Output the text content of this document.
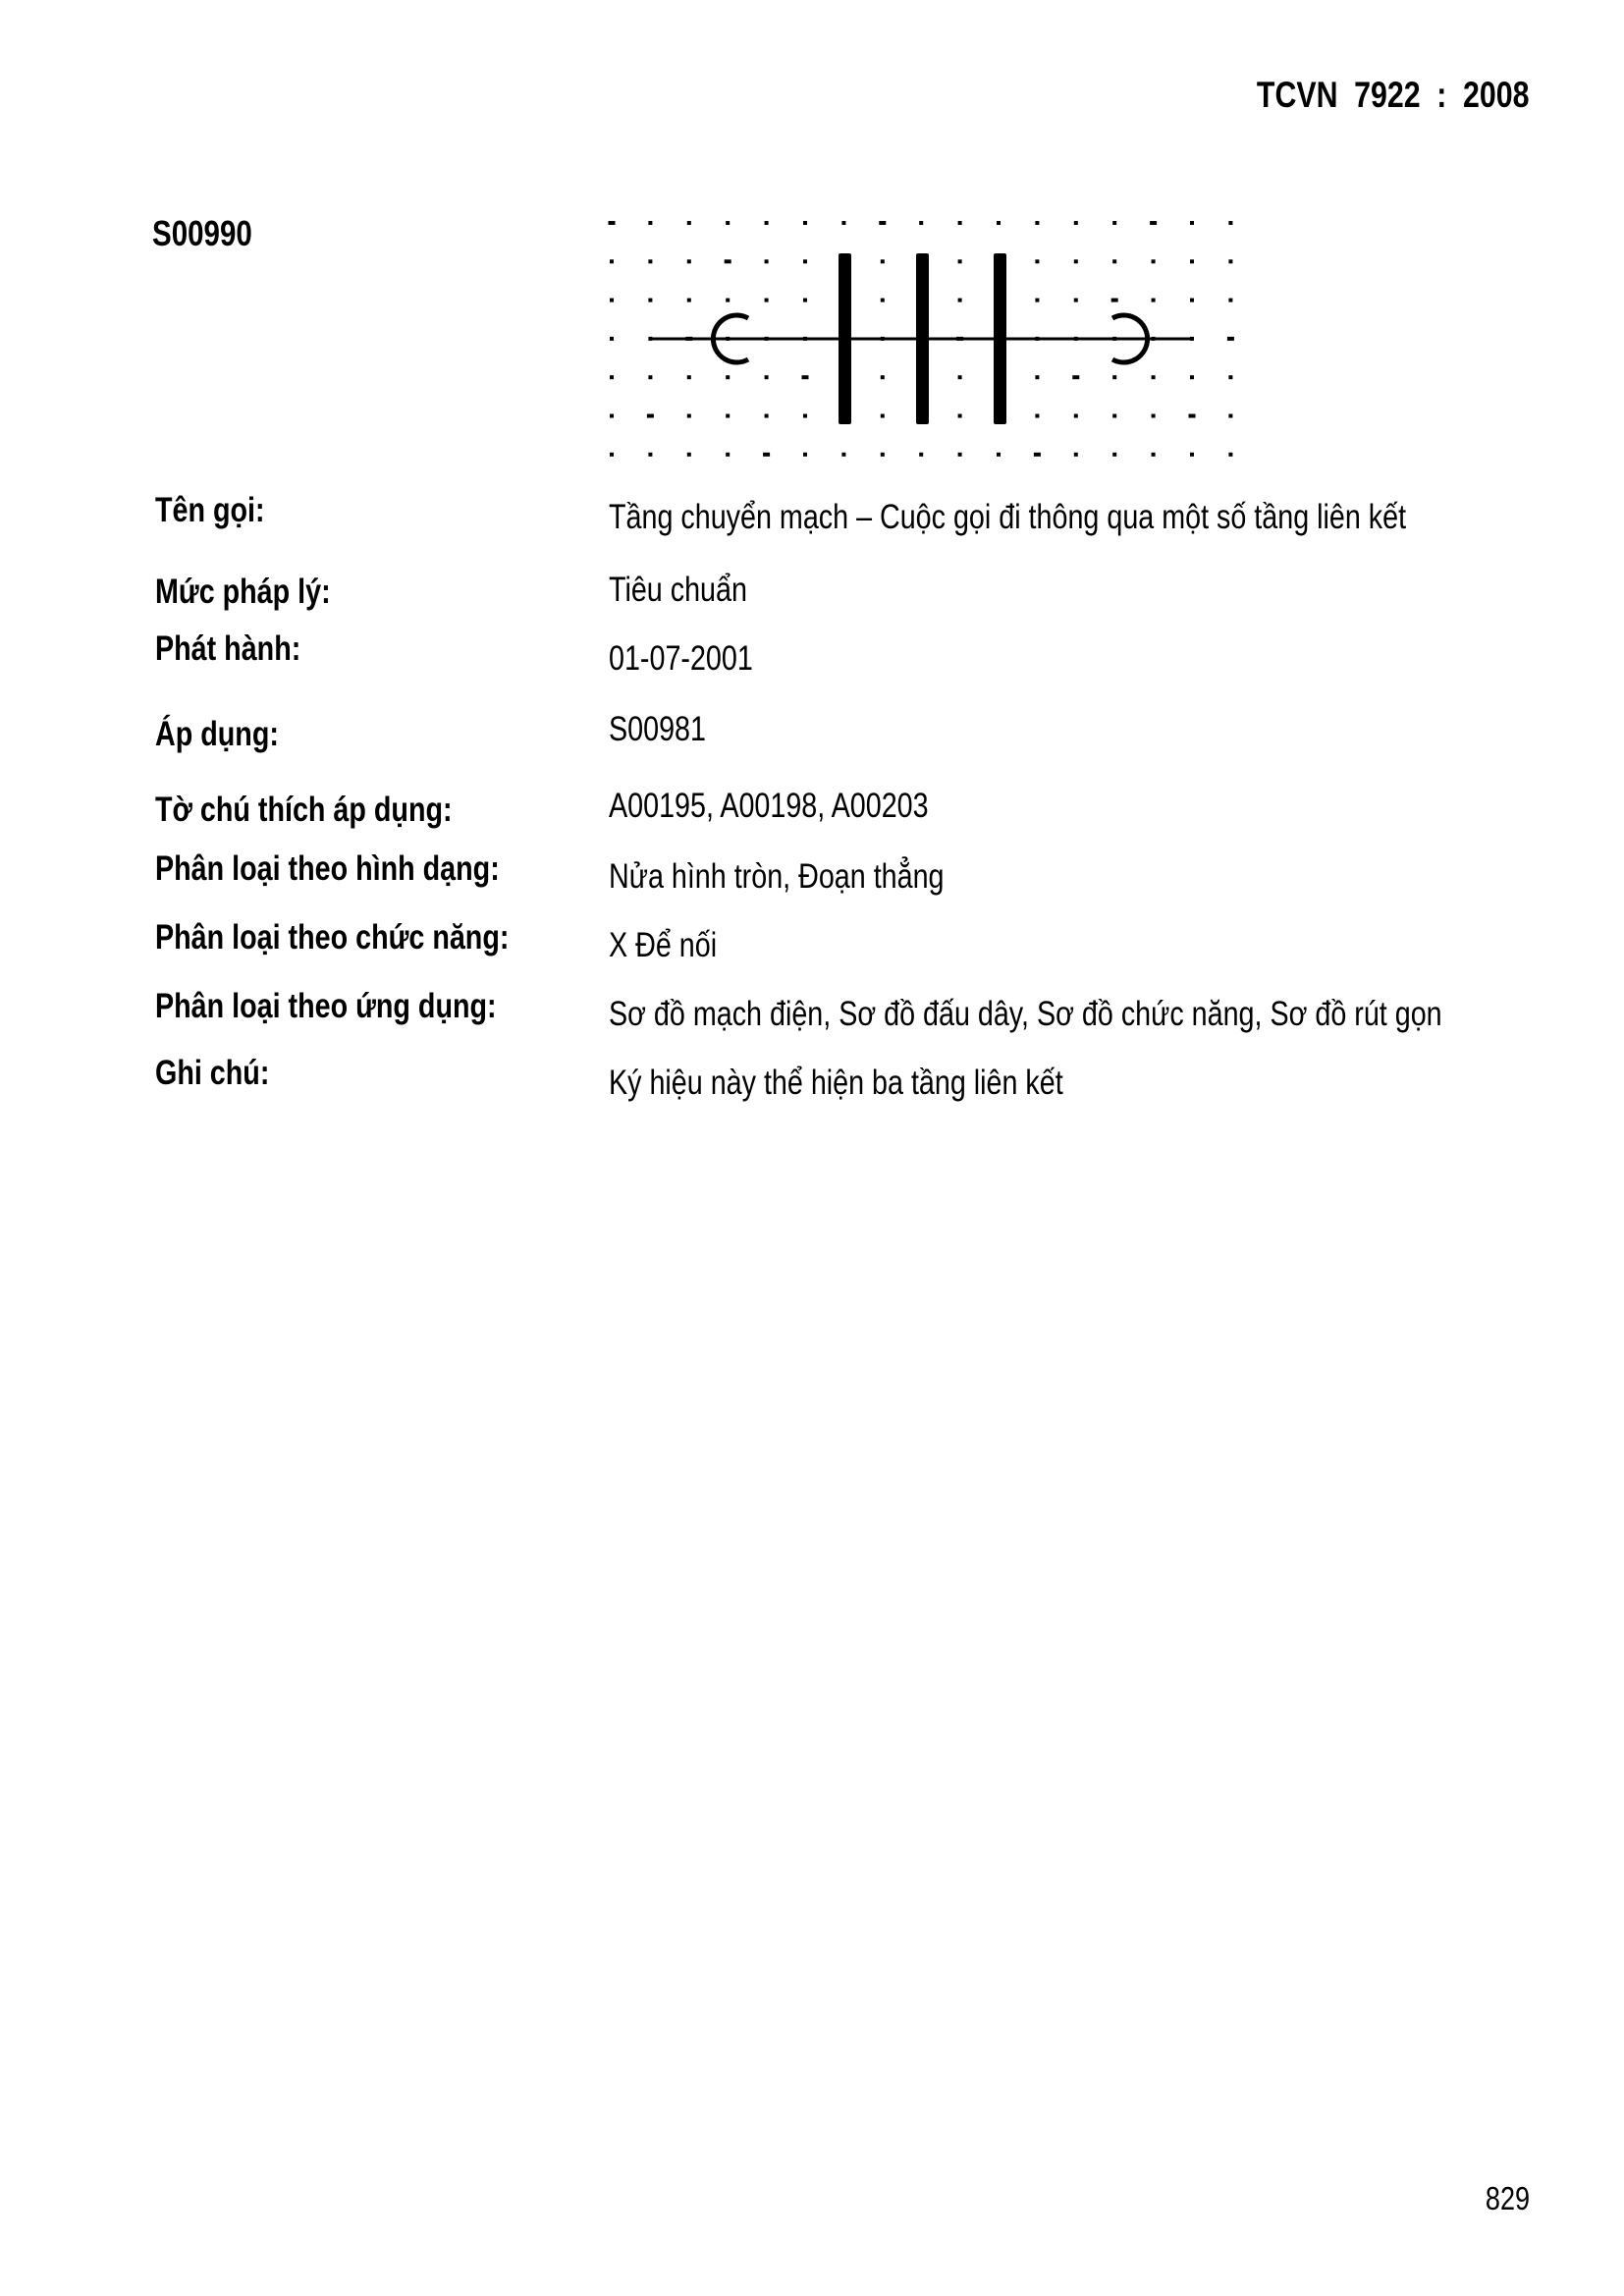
TCVN 7922 : 2008
S00990
Tên gọi:	Tầng chuyển mạch – Cuộc gọi đi thông qua một số tầng liên kết
Mức pháp lý:	Tiêu chuẩn
Phát hành:	01-07-2001
Áp dụng:	S00981
Tờ chú thích áp dụng:	A00195, A00198, A00203
Phân loại theo hình dạng:	Nửa hình tròn, Đoạn thẳng
Phân loại theo chức năng:	X Để nối
Phân loại theo ứng dụng:	Sơ đồ mạch điện, Sơ đồ đấu dây, Sơ đồ chức năng, Sơ đồ rút gọn
Ghi chú:	Ký hiệu này thể hiện ba tầng liên kết
829
